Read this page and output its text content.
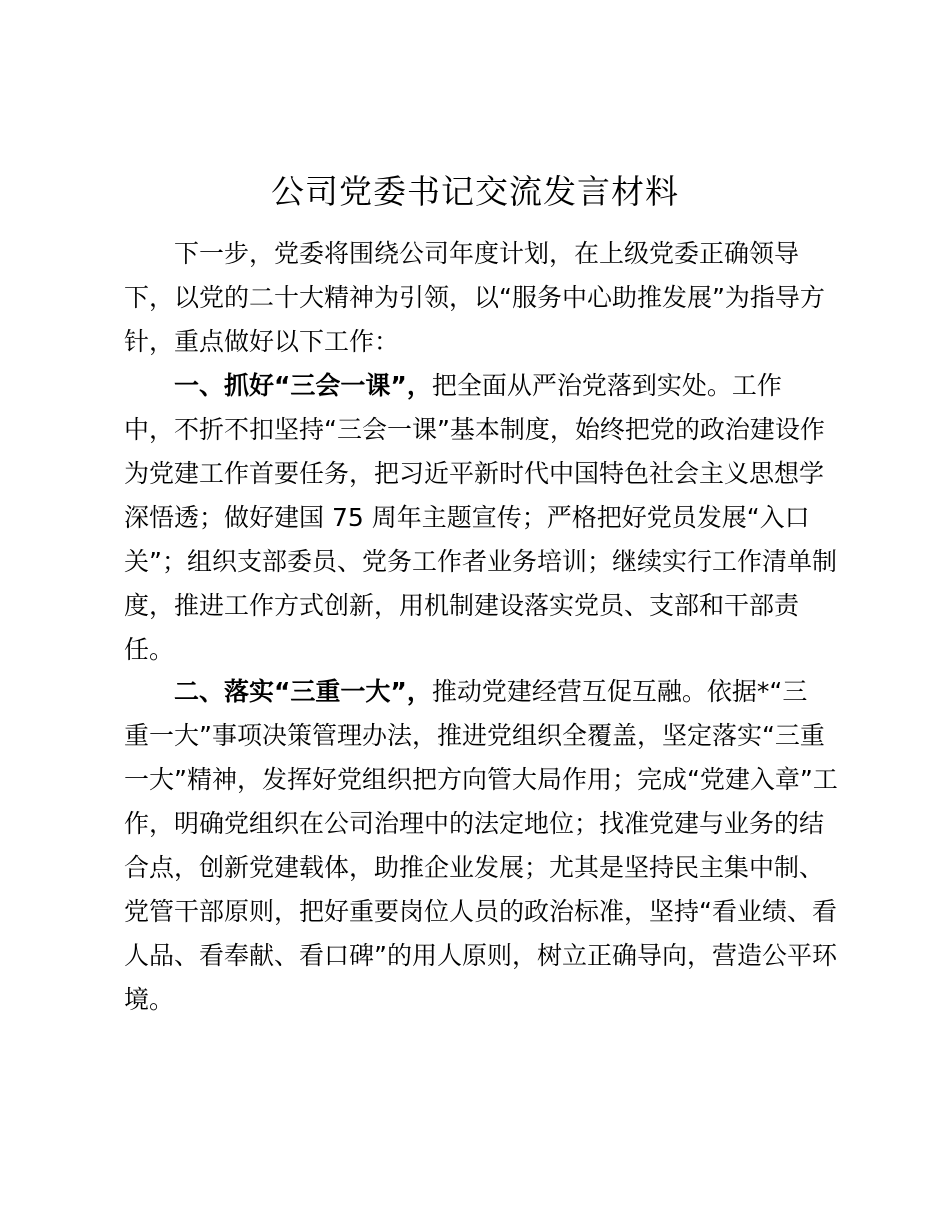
公司党委书记交流发言材料

下一步，党委将围绕公司年度计划，在上级党委正确领导

下，以党的二十大精神为引领，以“服务中心助推发展”为指导方

针，重点做好以下工作：

一、抓好“三会一课”，把全面从严治党落到实处。工作

中，不折不扣坚持“三会一课”基本制度，始终把党的政治建设作

为党建工作首要任务，把习近平新时代中国特色社会主义思想学

深悟透；做好建国 75 周年主题宣传；严格把好党员发展“入口

关”；组织支部委员、党务工作者业务培训；继续实行工作清单制

度，推进工作方式创新，用机制建设落实党员、支部和干部责

任。

二、落实“三重一大”，推动党建经营互促互融。依据*“三

重一大”事项决策管理办法，推进党组织全覆盖，坚定落实“三重

一大”精神，发挥好党组织把方向管大局作用；完成“党建入章”工

作，明确党组织在公司治理中的法定地位；找准党建与业务的结

合点，创新党建载体，助推企业发展；尤其是坚持民主集中制、

党管干部原则，把好重要岗位人员的政治标准，坚持“看业绩、看

人品、看奉献、看口碑”的用人原则，树立正确导向，营造公平环

境。
